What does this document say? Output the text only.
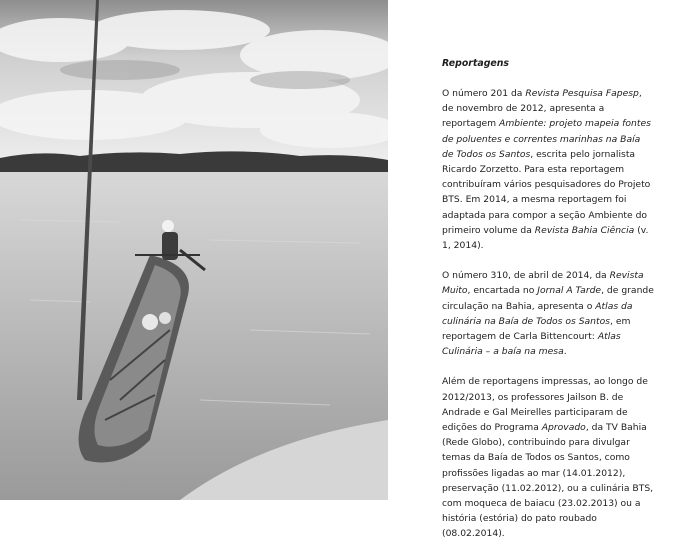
Reportagens

O número 201 da Revista Pesquisa Fapesp, de novembro de 2012, apresenta a reportagem Ambiente: projeto mapeia fontes de poluentes e correntes marinhas na Baía de Todos os Santos, escrita pelo jornalista Ricardo Zorzetto. Para esta reportagem contribuíram vários pesquisadores do Projeto BTS. Em 2014, a mesma reportagem foi adaptada para compor a seção Ambiente do primeiro volume da Revista Bahia Ciência (v. 1, 2014).

O número 310, de abril de 2014, da Revista Muito, encartada no Jornal A Tarde, de grande circulação na Bahia, apresenta o Atlas da culinária na Baía de Todos os Santos, em reportagem de Carla Bittencourt: Atlas Culinária – a baía na mesa.

Além de reportagens impressas, ao longo de 2012/2013, os professores Jailson B. de Andrade e Gal Meirelles participaram de edições do Programa Aprovado, da TV Bahia (Rede Globo), contribuindo para divulgar temas da Baía de Todos os Santos, como profissões ligadas ao mar (14.01.2012), preservação (11.02.2012), ou a culinária BTS, com moqueca de baiacu (23.02.2013) ou a história (estória) do pato roubado (08.02.2014).
